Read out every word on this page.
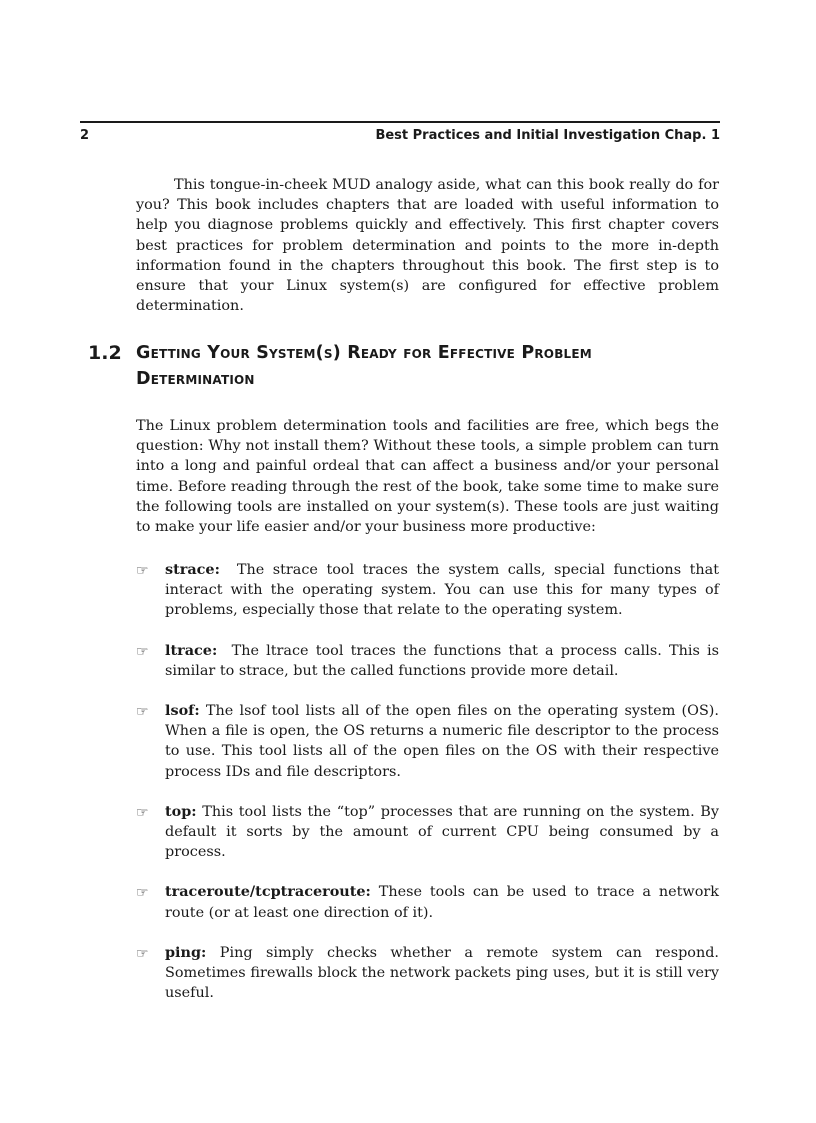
2	Best Practices and Initial Investigation Chap. 1

This tongue-in-cheek MUD analogy aside, what can this book really do for you? This book includes chapters that are loaded with useful information to help you diagnose problems quickly and effectively. This first chapter covers best practices for problem determination and points to the more in-depth information found in the chapters throughout this book. The first step is to ensure that your Linux system(s) are configured for effective problem determination.

1.2 Getting Your System(s) Ready for Effective Problem Determination

The Linux problem determination tools and facilities are free, which begs the question: Why not install them? Without these tools, a simple problem can turn into a long and painful ordeal that can affect a business and/or your personal time. Before reading through the rest of the book, take some time to make sure the following tools are installed on your system(s). These tools are just waiting to make your life easier and/or your business more productive:

☞ strace: The strace tool traces the system calls, special functions that interact with the operating system. You can use this for many types of problems, especially those that relate to the operating system.
☞ ltrace: The ltrace tool traces the functions that a process calls. This is similar to strace, but the called functions provide more detail.
☞ lsof: The lsof tool lists all of the open files on the operating system (OS). When a file is open, the OS returns a numeric file descriptor to the process to use. This tool lists all of the open files on the OS with their respective process IDs and file descriptors.
☞ top: This tool lists the “top” processes that are running on the system. By default it sorts by the amount of current CPU being consumed by a process.
☞ traceroute/tcptraceroute: These tools can be used to trace a network route (or at least one direction of it).
☞ ping: Ping simply checks whether a remote system can respond. Sometimes firewalls block the network packets ping uses, but it is still very useful.
